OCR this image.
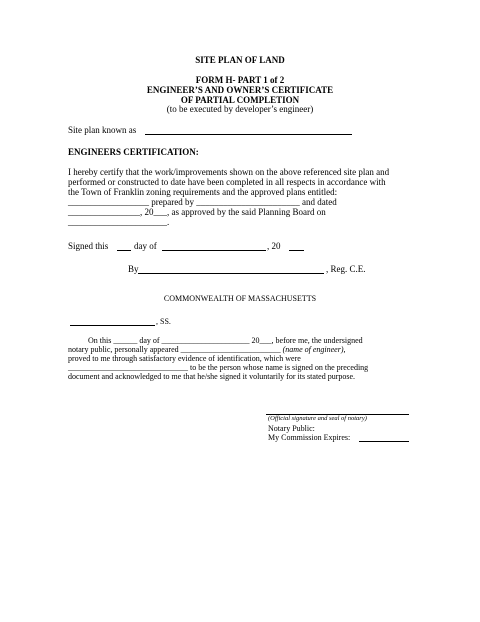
SITE PLAN OF LAND
FORM H- PART 1 of 2
ENGINEER’S AND OWNER’S CERTIFICATE
OF PARTIAL COMPLETION
(to be executed by developer’s engineer)
Site plan known as
ENGINEERS CERTIFICATION:
I hereby certify that the work/improvements shown on the above referenced site plan and
performed or constructed to date have been completed in all respects in accordance with
the Town of Franklin zoning requirements and the approved plans entitled:
__________________ prepared by _______________________ and dated
________________, 20___, as approved by the said Planning Board on
______________________.
Signed this	day of	, 20
By	, Reg. C.E.
COMMONWEALTH OF MASSACHUSETTS
, SS.
On this ______ day of ______________________ 20___, before me, the undersigned
notary public, personally appeared _________________________ (name of engineer),
proved to me through satisfactory evidence of identification, which were
______________________________ to be the person whose name is signed on the preceding
document and acknowledged to me that he/she signed it voluntarily for its stated purpose.
(Official signature and seal of notary)
Notary Public:
My Commission Expires:
